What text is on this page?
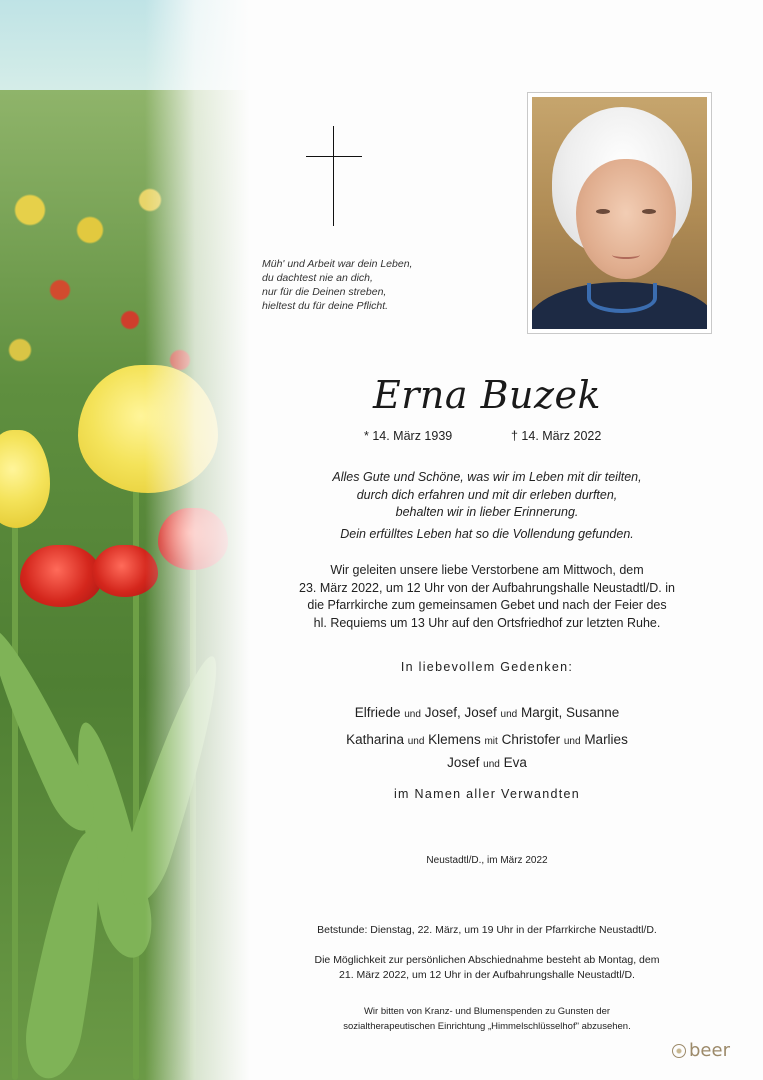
Müh' und Arbeit war dein Leben,
du dachtest nie an dich,
nur für die Deinen streben,
hieltest du für deine Pflicht.
Erna Buzek
* 14. März 1939	† 14. März 2022
Alles Gute und Schöne, was wir im Leben mit dir teilten,
durch dich erfahren und mit dir erleben durften,
behalten wir in lieber Erinnerung.
Dein erfülltes Leben hat so die Vollendung gefunden.
Wir geleiten unsere liebe Verstorbene am Mittwoch, dem
23. März 2022, um 12 Uhr von der Aufbahrungshalle Neustadtl/D. in
die Pfarrkirche zum gemeinsamen Gebet und nach der Feier des
hl. Requiems um 13 Uhr auf den Ortsfriedhof zur letzten Ruhe.
In liebevollem Gedenken:
Elfriede und Josef, Josef und Margit, Susanne
Katharina und Klemens mit Christofer und Marlies
Josef und Eva
im Namen aller Verwandten
Neustadtl/D., im März 2022
Betstunde: Dienstag, 22. März, um 19 Uhr in der Pfarrkirche Neustadtl/D.
Die Möglichkeit zur persönlichen Abschiednahme besteht ab Montag, dem
21. März 2022, um 12 Uhr in der Aufbahrungshalle Neustadtl/D.
Wir bitten von Kranz- und Blumenspenden zu Gunsten der
sozialtherapeutischen Einrichtung „Himmelschlüsselhof" abzusehen.
beer
